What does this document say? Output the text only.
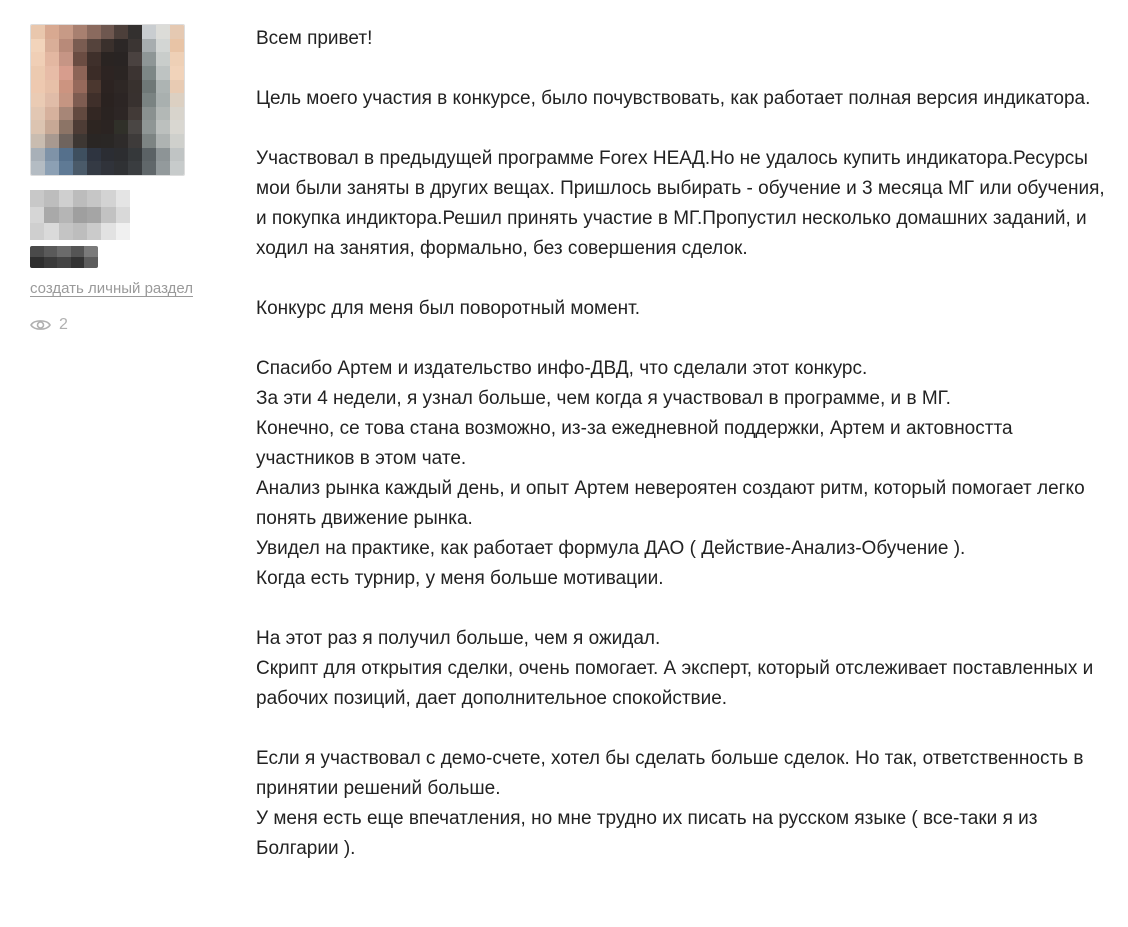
создать личный раздел
2

Всем привет!

Цель моего участия в конкурсе, было почувствовать, как работает полная версия индикатора.

Участвовал в предыдущей программе Forex HEAД.Но не удалось купить индикатора.Ресурсы мои были заняты в других вещах. Пришлось выбирать - обучение и 3 месяца МГ или обучения, и покупка индиктора.Решил принять участие в МГ.Пропустил несколько домашних заданий, и ходил на занятия, формально, без совершения сделок.

Конкурс для меня был поворотный момент.

Спасибо Артем и издательство инфо-ДВД, что сделали этот конкурс.
За эти 4 недели, я узнал больше, чем когда я участвовал в программе, и в МГ.
Конечно, се това стана возможно, из-за ежедневной поддержки, Артем и актовността участников в этом чате.
Анализ рынка каждый день, и опыт Артем невероятен создают ритм, который помогает легко понять движение рынка.
Увидел на практике, как работает формула ДАО ( Действие-Анализ-Обучение ).
Когда есть турнир, у меня больше мотивации.

На этот раз я получил больше, чем я ожидал.
Скрипт для открытия сделки, очень помогает. А эксперт, который отслеживает поставленных и рабочих позиций, дает дополнительное спокойствие.

Если я участвовал с демо-счете, хотел бы сделать больше сделок. Но так, ответственность в принятии решений больше.
У меня есть еще впечатления, но мне трудно их писать на русском языке ( все-таки я из Болгарии ).
